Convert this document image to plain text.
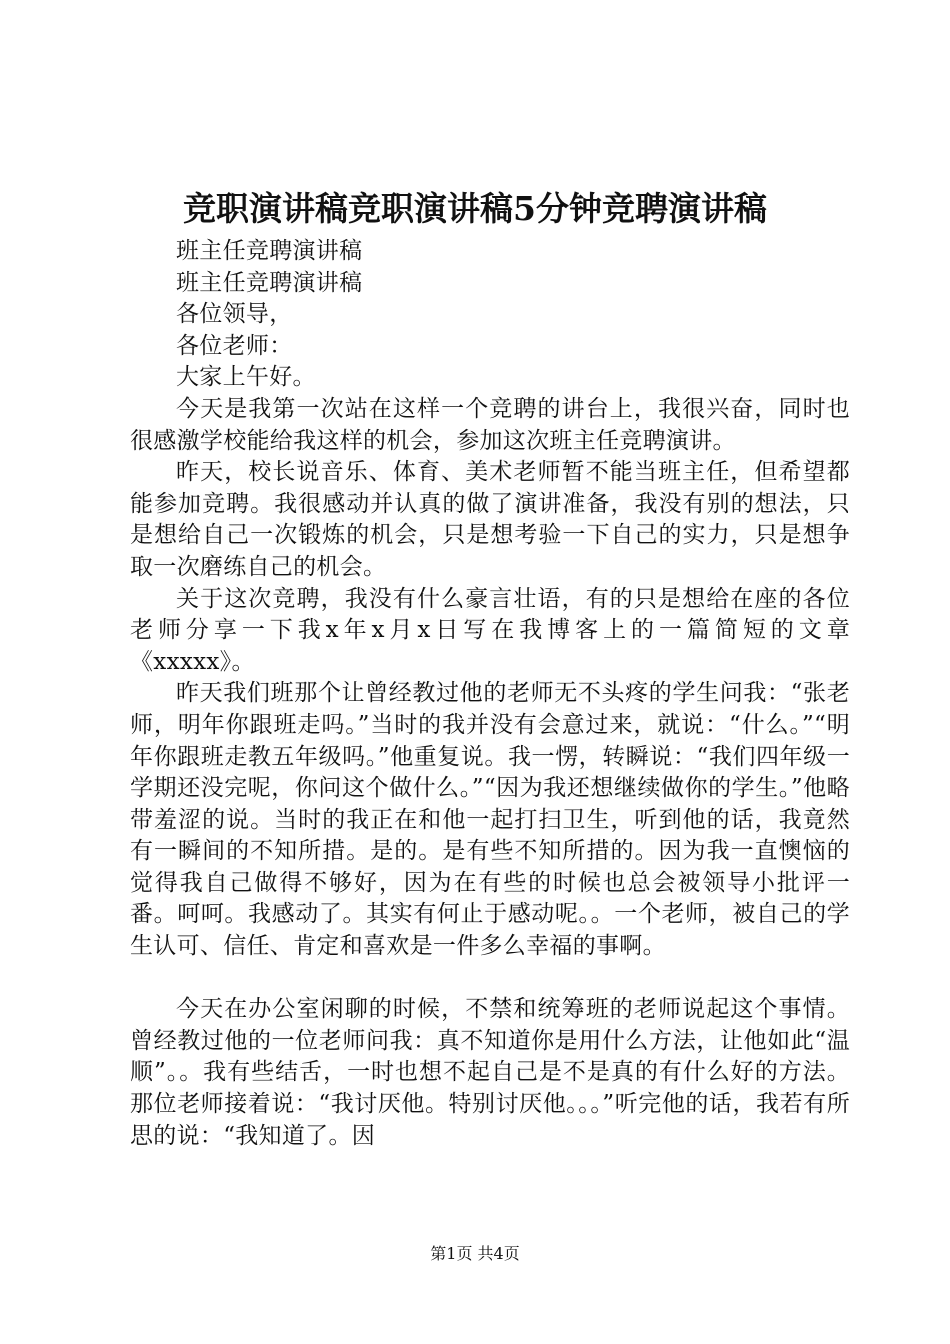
竞职演讲稿竞职演讲稿5分钟竞聘演讲稿

班主任竞聘演讲稿

班主任竞聘演讲稿

各位领导，

各位老师：

大家上午好。

今天是我第一次站在这样一个竞聘的讲台上，我很兴奋，同时也很感激学校能给我这样的机会，参加这次班主任竞聘演讲。

昨天，校长说音乐、体育、美术老师暂不能当班主任，但希望都能参加竞聘。我很感动并认真的做了演讲准备，我没有别的想法，只是想给自己一次锻炼的机会，只是想考验一下自己的实力，只是想争取一次磨练自己的机会。

关于这次竞聘，我没有什么豪言壮语，有的只是想给在座的各位老师分享一下我x年x月x日写在我博客上的一篇简短的文章《xxxxx》。

昨天我们班那个让曾经教过他的老师无不头疼的学生问我：“张老师，明年你跟班走吗。”当时的我并没有会意过来，就说：“什么。”“明年你跟班走教五年级吗。”他重复说。我一愣，转瞬说：“我们四年级一学期还没完呢，你问这个做什么。”“因为我还想继续做你的学生。”他略带羞涩的说。当时的我正在和他一起打扫卫生，听到他的话，我竟然有一瞬间的不知所措。是的。是有些不知所措的。因为我一直懊恼的觉得我自己做得不够好，因为在有些的时候也总会被领导小批评一番。呵呵。我感动了。其实有何止于感动呢。。一个老师，被自己的学生认可、信任、肯定和喜欢是一件多么幸福的事啊。

今天在办公室闲聊的时候，不禁和统筹班的老师说起这个事情。曾经教过他的一位老师问我：真不知道你是用什么方法，让他如此“温顺”。。我有些结舌，一时也想不起自己是不是真的有什么好的方法。那位老师接着说：“我讨厌他。特别讨厌他。。。”听完他的话，我若有所思的说：“我知道了。因

第1页 共4页
